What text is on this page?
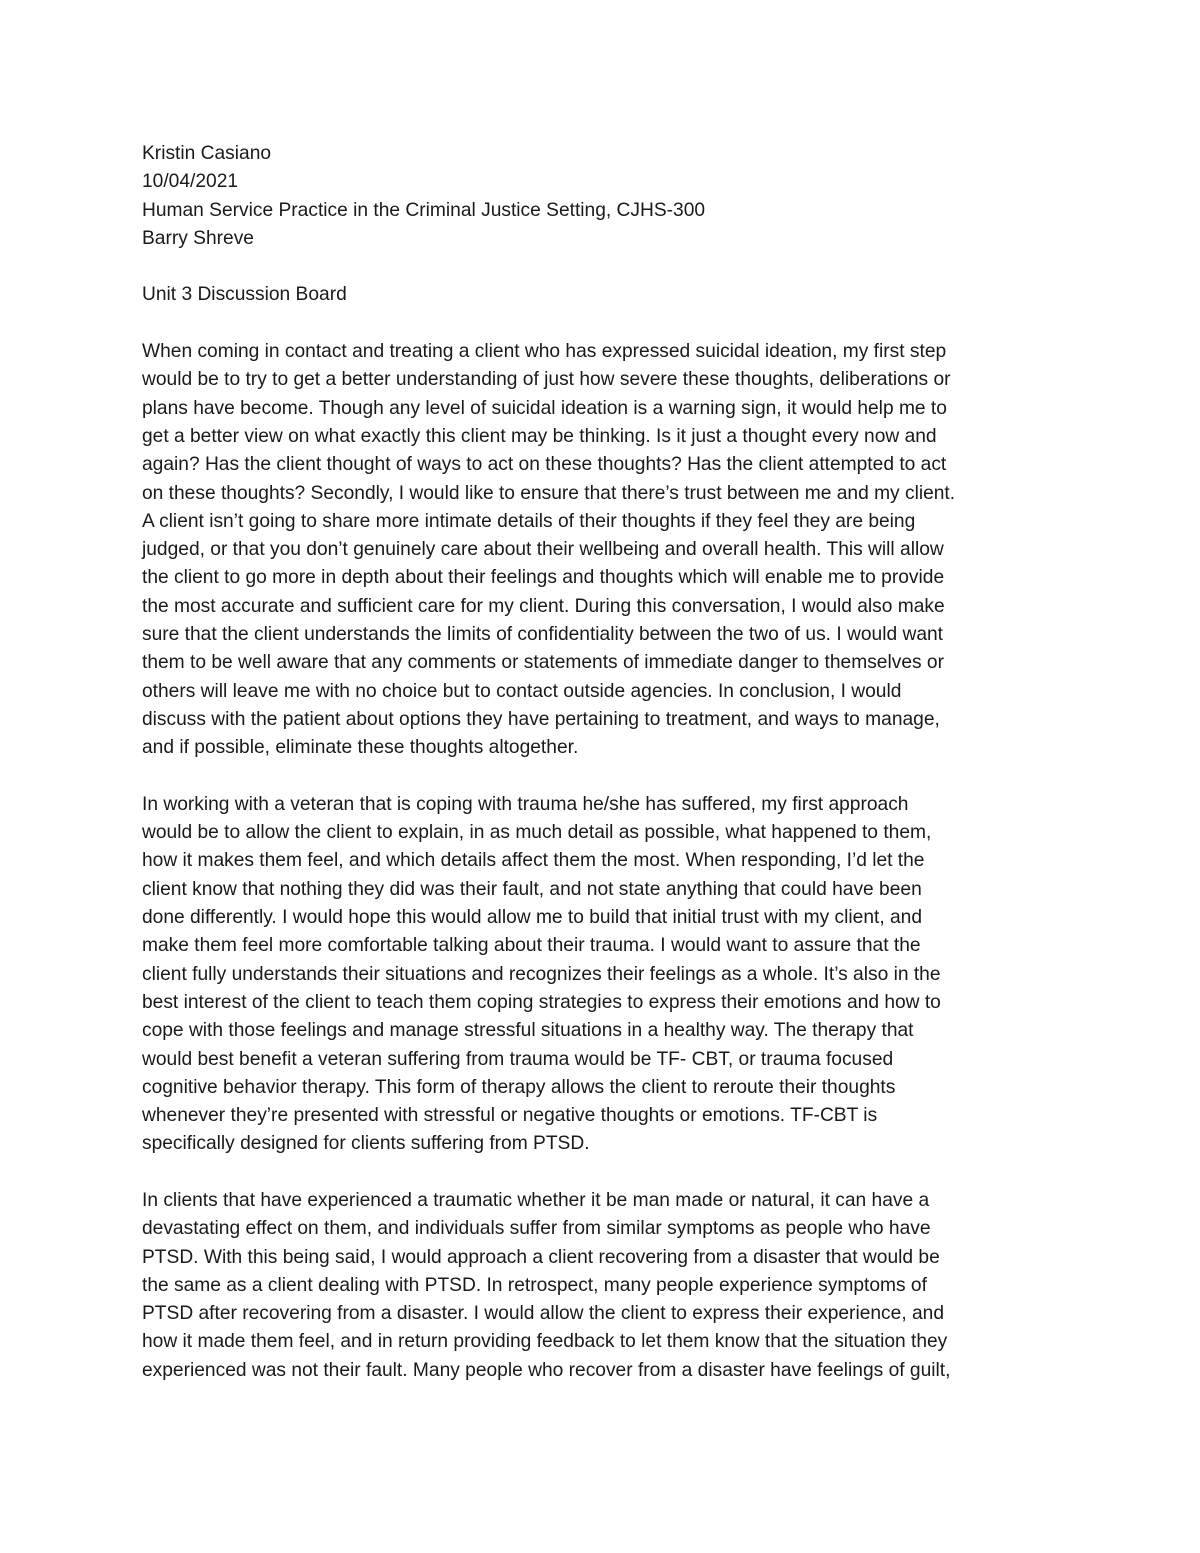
Kristin Casiano
10/04/2021
Human Service Practice in the Criminal Justice Setting, CJHS-300
Barry Shreve
Unit 3 Discussion Board
When coming in contact and treating a client who has expressed suicidal ideation, my first step
would be to try to get a better understanding of just how severe these thoughts, deliberations or
plans have become. Though any level of suicidal ideation is a warning sign, it would help me to
get a better view on what exactly this client may be thinking. Is it just a thought every now and
again? Has the client thought of ways to act on these thoughts? Has the client attempted to act
on these thoughts? Secondly, I would like to ensure that there’s trust between me and my client.
A client isn’t going to share more intimate details of their thoughts if they feel they are being
judged, or that you don’t genuinely care about their wellbeing and overall health. This will allow
the client to go more in depth about their feelings and thoughts which will enable me to provide
the most accurate and sufficient care for my client. During this conversation, I would also make
sure that the client understands the limits of confidentiality between the two of us. I would want
them to be well aware that any comments or statements of immediate danger to themselves or
others will leave me with no choice but to contact outside agencies. In conclusion, I would
discuss with the patient about options they have pertaining to treatment, and ways to manage,
and if possible, eliminate these thoughts altogether.
In working with a veteran that is coping with trauma he/she has suffered, my first approach
would be to allow the client to explain, in as much detail as possible, what happened to them,
how it makes them feel, and which details affect them the most. When responding, I’d let the
client know that nothing they did was their fault, and not state anything that could have been
done differently. I would hope this would allow me to build that initial trust with my client, and
make them feel more comfortable talking about their trauma. I would want to assure that the
client fully understands their situations and recognizes their feelings as a whole. It’s also in the
best interest of the client to teach them coping strategies to express their emotions and how to
cope with those feelings and manage stressful situations in a healthy way. The therapy that
would best benefit a veteran suffering from trauma would be TF- CBT, or trauma focused
cognitive behavior therapy. This form of therapy allows the client to reroute their thoughts
whenever they’re presented with stressful or negative thoughts or emotions. TF-CBT is
specifically designed for clients suffering from PTSD.
In clients that have experienced a traumatic whether it be man made or natural, it can have a
devastating effect on them, and individuals suffer from similar symptoms as people who have
PTSD. With this being said, I would approach a client recovering from a disaster that would be
the same as a client dealing with PTSD. In retrospect, many people experience symptoms of
PTSD after recovering from a disaster. I would allow the client to express their experience, and
how it made them feel, and in return providing feedback to let them know that the situation they
experienced was not their fault. Many people who recover from a disaster have feelings of guilt,
